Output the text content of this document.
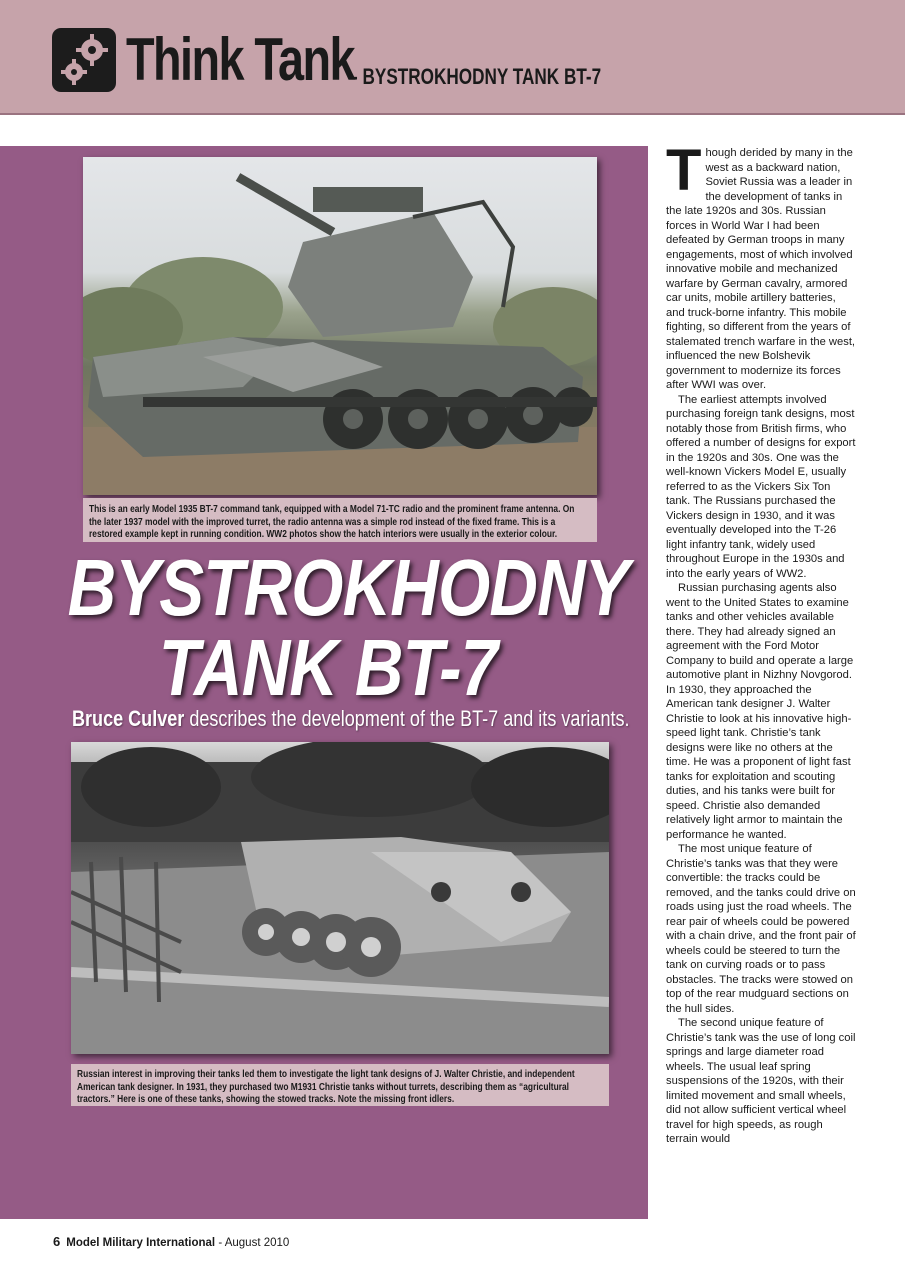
Think Tank
- BYSTROKHODNY TANK BT-7
This is an early Model 1935 BT-7 command tank, equipped with a Model 71-TC radio and the prominent frame antenna. On the later 1937 model with the improved turret, the radio antenna was a simple rod instead of the fixed frame. This is a restored example kept in running condition. WW2 photos show the hatch interiors were usually in the exterior colour.
BYSTROKHODNY
TANK BT-7
Bruce Culver describes the development of the BT-7 and its variants.
Russian interest in improving their tanks led them to investigate the light tank designs of J. Walter Christie, and independent American tank designer. In 1931, they purchased two M1931 Christie tanks without turrets, describing them as “agricultural tractors.” Here is one of these tanks, showing the stowed tracks. Note the missing front idlers.

Though derided by many in the west as a backward nation, Soviet Russia was a leader in the development of tanks in the late 1920s and 30s. Russian forces in World War I had been defeated by German troops in many engagements, most of which involved innovative mobile and mechanized warfare by German cavalry, armored car units, mobile artillery batteries, and truck-borne infantry. This mobile fighting, so different from the years of stalemated trench warfare in the west, influenced the new Bolshevik government to modernize its forces after WWI was over.

The earliest attempts involved purchasing foreign tank designs, most notably those from British firms, who offered a number of designs for export in the 1920s and 30s. One was the well-known Vickers Model E, usually referred to as the Vickers Six Ton tank. The Russians purchased the Vickers design in 1930, and it was eventually developed into the T-26 light infantry tank, widely used throughout Europe in the 1930s and into the early years of WW2.

Russian purchasing agents also went to the United States to examine tanks and other vehicles available there. They had already signed an agreement with the Ford Motor Company to build and operate a large automotive plant in Nizhny Novgorod. In 1930, they approached the American tank designer J. Walter Christie to look at his innovative high-speed light tank. Christie’s tank designs were like no others at the time. He was a proponent of light fast tanks for exploitation and scouting duties, and his tanks were built for speed. Christie also demanded relatively light armor to maintain the performance he wanted.

The most unique feature of Christie’s tanks was that they were convertible: the tracks could be removed, and the tanks could drive on roads using just the road wheels. The rear pair of wheels could be powered with a chain drive, and the front pair of wheels could be steered to turn the tank on curving roads or to pass obstacles. The tracks were stowed on top of the rear mudguard sections on the hull sides.

The second unique feature of Christie’s tank was the use of long coil springs and large diameter road wheels. The usual leaf spring suspensions of the 1920s, with their limited movement and small wheels, did not allow sufficient vertical wheel travel for high speeds, as rough terrain would

6 Model Military International - August 2010
